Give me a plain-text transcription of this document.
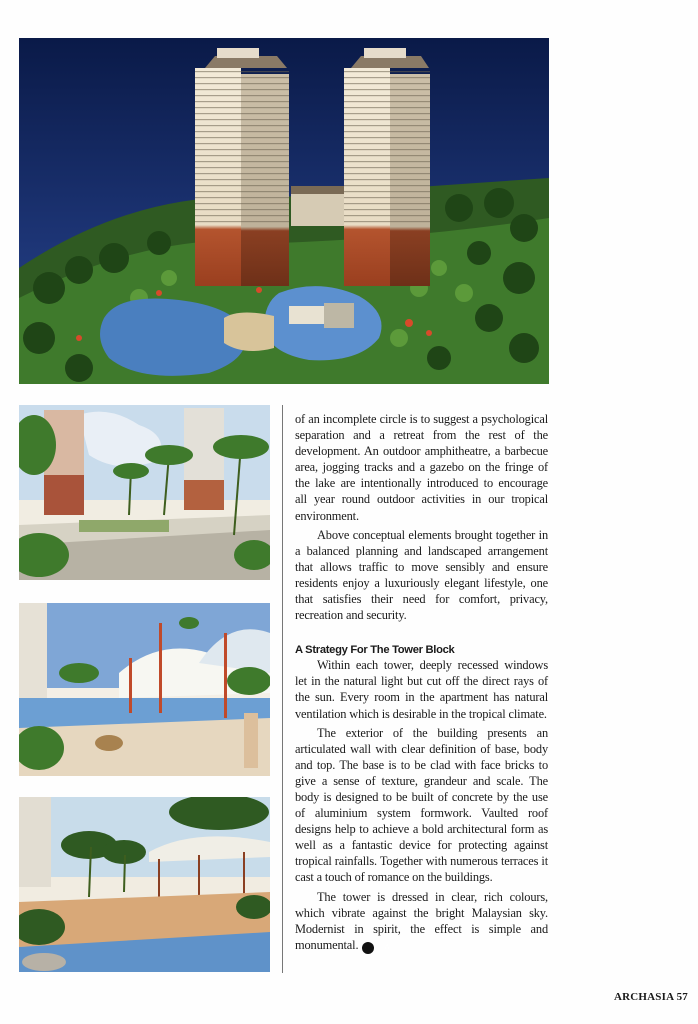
of an incomplete circle is to suggest a psychological separation and a retreat from the rest of the development. An outdoor amphitheatre, a barbecue area, jogging tracks and a gazebo on the fringe of the lake are intentionally introduced to encourage all year round outdoor activities in our tropical environment.

Above conceptual elements brought together in a balanced planning and landscaped arrangement that allows traffic to move sensibly and ensure residents enjoy a luxuriously elegant lifestyle, one that satisfies their need for comfort, privacy, recreation and security.

A Strategy For The Tower Block

Within each tower, deeply recessed windows let in the natural light but cut off the direct rays of the sun. Every room in the apartment has natural ventilation which is desirable in the tropical climate.

The exterior of the building presents an articulated wall with clear definition of base, body and top. The base is to be clad with face bricks to give a sense of texture, grandeur and scale. The body is designed to be built of concrete by the use of aluminium system formwork. Vaulted roof designs help to achieve a bold architectural form as well as a fantastic device for protecting against tropical rainfalls. Together with numerous terraces it cast a touch of romance on the buildings.

The tower is dressed in clear, rich colours, which vibrate against the bright Malaysian sky. Modernist in spirit, the effect is simple and monumental.	A

ARCHASIA 57
